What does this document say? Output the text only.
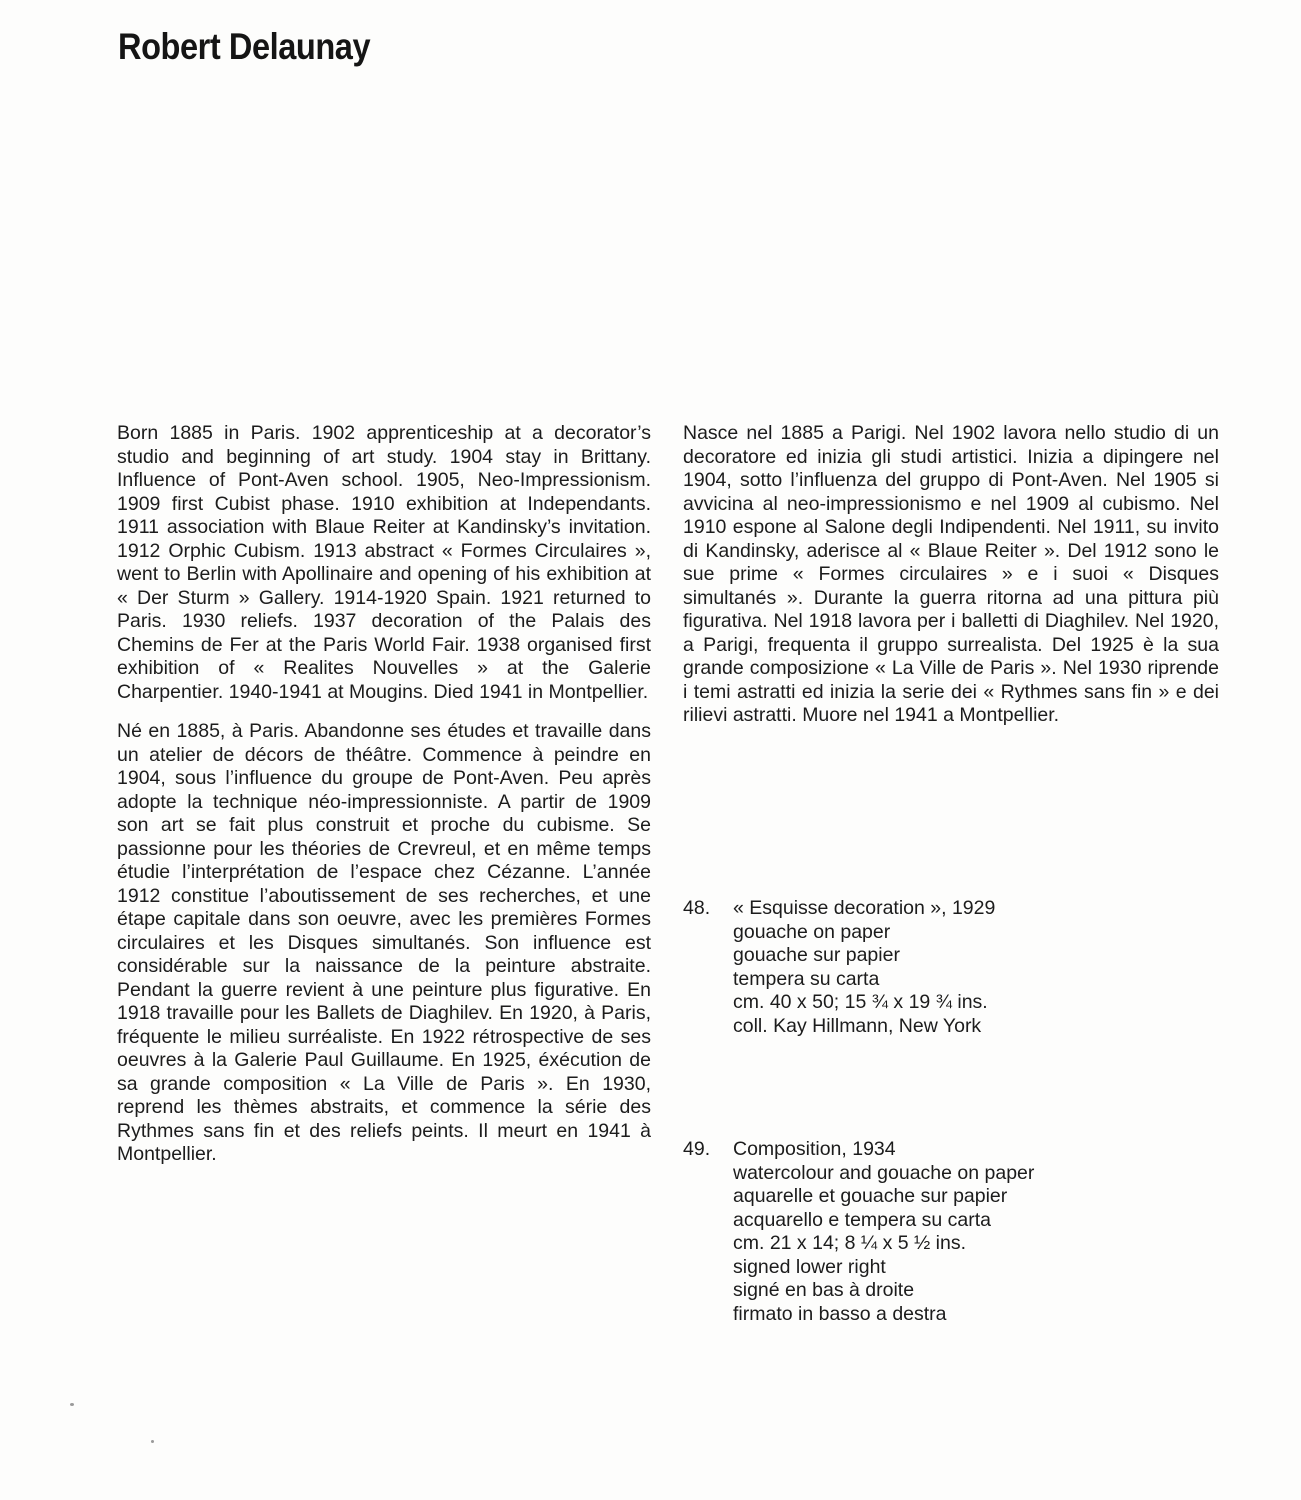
Robert Delaunay

Born 1885 in Paris. 1902 apprenticeship at a decorator’s studio and beginning of art study. 1904 stay in Brittany. Influence of Pont-Aven school. 1905, Neo-Impressionism. 1909 first Cubist phase. 1910 exhibition at Independants. 1911 association with Blaue Reiter at Kandinsky’s invitation. 1912 Orphic Cubism. 1913 abstract « Formes Circulaires », went to Berlin with Apollinaire and opening of his exhibition at « Der Sturm » Gallery. 1914-1920 Spain. 1921 returned to Paris. 1930 reliefs. 1937 decoration of the Palais des Chemins de Fer at the Paris World Fair. 1938 organised first exhibition of « Realites Nouvelles » at the Galerie Charpentier. 1940-1941 at Mougins. Died 1941 in Montpellier.

Né en 1885, à Paris. Abandonne ses études et travaille dans un atelier de décors de théâtre. Commence à peindre en 1904, sous l’influence du groupe de Pont-Aven. Peu après adopte la technique néo-impressionniste. A partir de 1909 son art se fait plus construit et proche du cubisme. Se passionne pour les théories de Crevreul, et en même temps étudie l’interprétation de l’espace chez Cézanne. L’année 1912 constitue l’aboutissement de ses recherches, et une étape capitale dans son oeuvre, avec les premières Formes circulaires et les Disques simultanés. Son influence est considérable sur la naissance de la peinture abstraite. Pendant la guerre revient à une peinture plus figurative. En 1918 travaille pour les Ballets de Diaghilev. En 1920, à Paris, fréquente le milieu surréaliste. En 1922 rétrospective de ses oeuvres à la Galerie Paul Guillaume. En 1925, éxécution de sa grande composition « La Ville de Paris ». En 1930, reprend les thèmes abstraits, et commence la série des Rythmes sans fin et des reliefs peints. Il meurt en 1941 à Montpellier.

Nasce nel 1885 a Parigi. Nel 1902 lavora nello studio di un decoratore ed inizia gli studi artistici. Inizia a dipingere nel 1904, sotto l’influenza del gruppo di Pont-Aven. Nel 1905 si avvicina al neo-impressionismo e nel 1909 al cubismo. Nel 1910 espone al Salone degli Indipendenti. Nel 1911, su invito di Kandinsky, aderisce al « Blaue Reiter ». Del 1912 sono le sue prime « Formes circulaires » e i suoi « Disques simultanés ». Durante la guerra ritorna ad una pittura più figurativa. Nel 1918 lavora per i balletti di Diaghilev. Nel 1920, a Parigi, frequenta il gruppo surrealista. Del 1925 è la sua grande composizione « La Ville de Paris ». Nel 1930 riprende i temi astratti ed inizia la serie dei « Rythmes sans fin » e dei rilievi astratti. Muore nel 1941 a Montpellier.

48.	« Esquisse decoration », 1929
gouache on paper
gouache sur papier
tempera su carta
cm. 40 x 50; 15 ¾ x 19 ¾ ins.
coll. Kay Hillmann, New York
49.	Composition, 1934
watercolour and gouache on paper
aquarelle et gouache sur papier
acquarello e tempera su carta
cm. 21 x 14; 8 ¼ x 5 ½ ins.
signed lower right
signé en bas à droite
firmato in basso a destra
